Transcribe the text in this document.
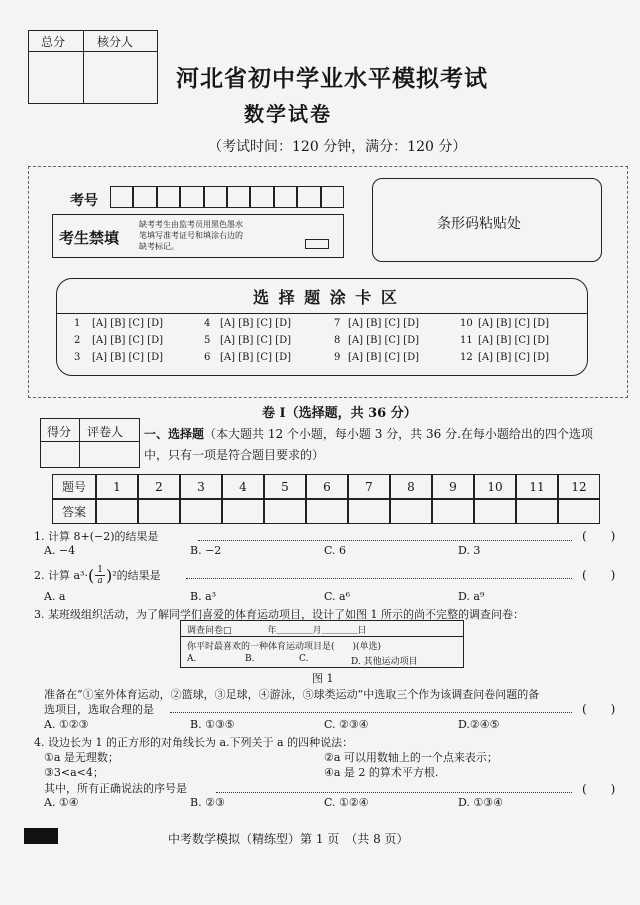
总分	核分人
河北省初中学业水平模拟考试
数学试卷
（考试时间：120 分钟，满分：120 分）
考号
考生禁填
缺考考生由监考员用黑色墨水
笔填写准考证号和填涂右边的
缺考标记。
条形码粘贴处
选 择 题 涂 卡 区
1 [A] [B] [C] [D]
2 [A] [B] [C] [D]
3 [A] [B] [C] [D]
4 [A] [B] [C] [D]
5 [A] [B] [C] [D]
6 [A] [B] [C] [D]
7 [A] [B] [C] [D]
8 [A] [B] [C] [D]
9 [A] [B] [C] [D]
10 [A] [B] [C] [D]
11 [A] [B] [C] [D]
12 [A] [B] [C] [D]
卷 I（选择题，共 36 分）
得分 评卷人 一、选择题（本大题共 12 个小题，每小题 3 分，共 36 分.在每小题给出的四个选项
中，只有一项是符合题目要求的）
题号	1	2	3	4	5	6	7	8	9	10	11	12
答案
1. 计算 8+(−2)的结果是	(　　)
A. −4	B. −2	C. 6	D. 3
2. 计算 a³· ( $\frac{1}{a}$ ) ²的结果是	(　　)
A. a	B. a³	C. a⁶	D. a⁹
3. 某班级组织活动，为了解同学们喜爱的体育运动项目，设计了如图 1 所示的尚不完整的调查问卷：
调查问卷□　　　　年＿＿＿＿月＿＿＿＿日
你平时最喜欢的一种体育运动项目是(　　)(单选)
A.	B.	C.	D. 其他运动项目
图 1
准备在“①室外体育运动，②篮球，③足球，④游泳，⑤球类运动”中选取三个作为该调查问卷问题的备
选项目，选取合理的是	(　　)
A. ①②③	B. ①③⑤	C. ②③④	D.②④⑤
4. 设边长为 1 的正方形的对角线长为 a.下列关于 a 的四种说法：
①a 是无理数；	②a 可以用数轴上的一个点来表示；
③3<a<4；	④a 是 2 的算术平方根.
其中，所有正确说法的序号是	(　　)
A. ①④	B. ②③	C. ①②④	D. ①③④
中考数学模拟（精练型）第 1 页　（共 8 页）
